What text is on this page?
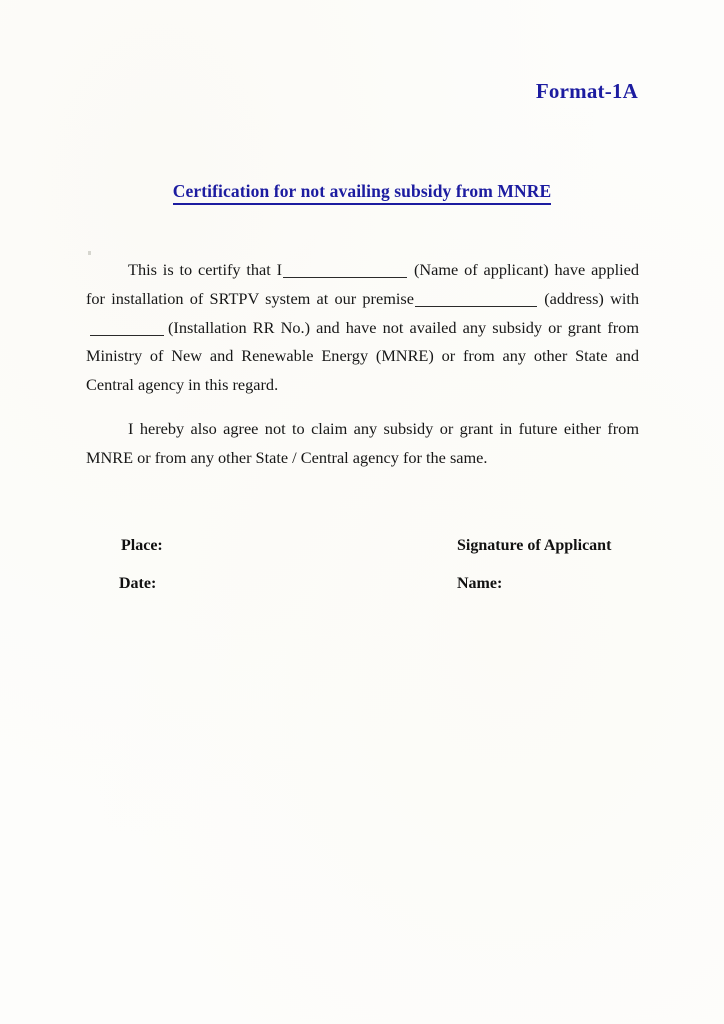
Format-1A
Certification for not availing subsidy from MNRE

This is to certify that I	(Name of applicant) have applied for installation of SRTPV system at our premise	(address) with(Installation RR No.) and have not availed any subsidy or grant from Ministry of New and Renewable Energy (MNRE) or from any other State and Central agency in this regard.

I hereby also agree not to claim any subsidy or grant in future either from MNRE or from any other State / Central agency for the same.

Place:	Signature of Applicant
Date:	Name:
